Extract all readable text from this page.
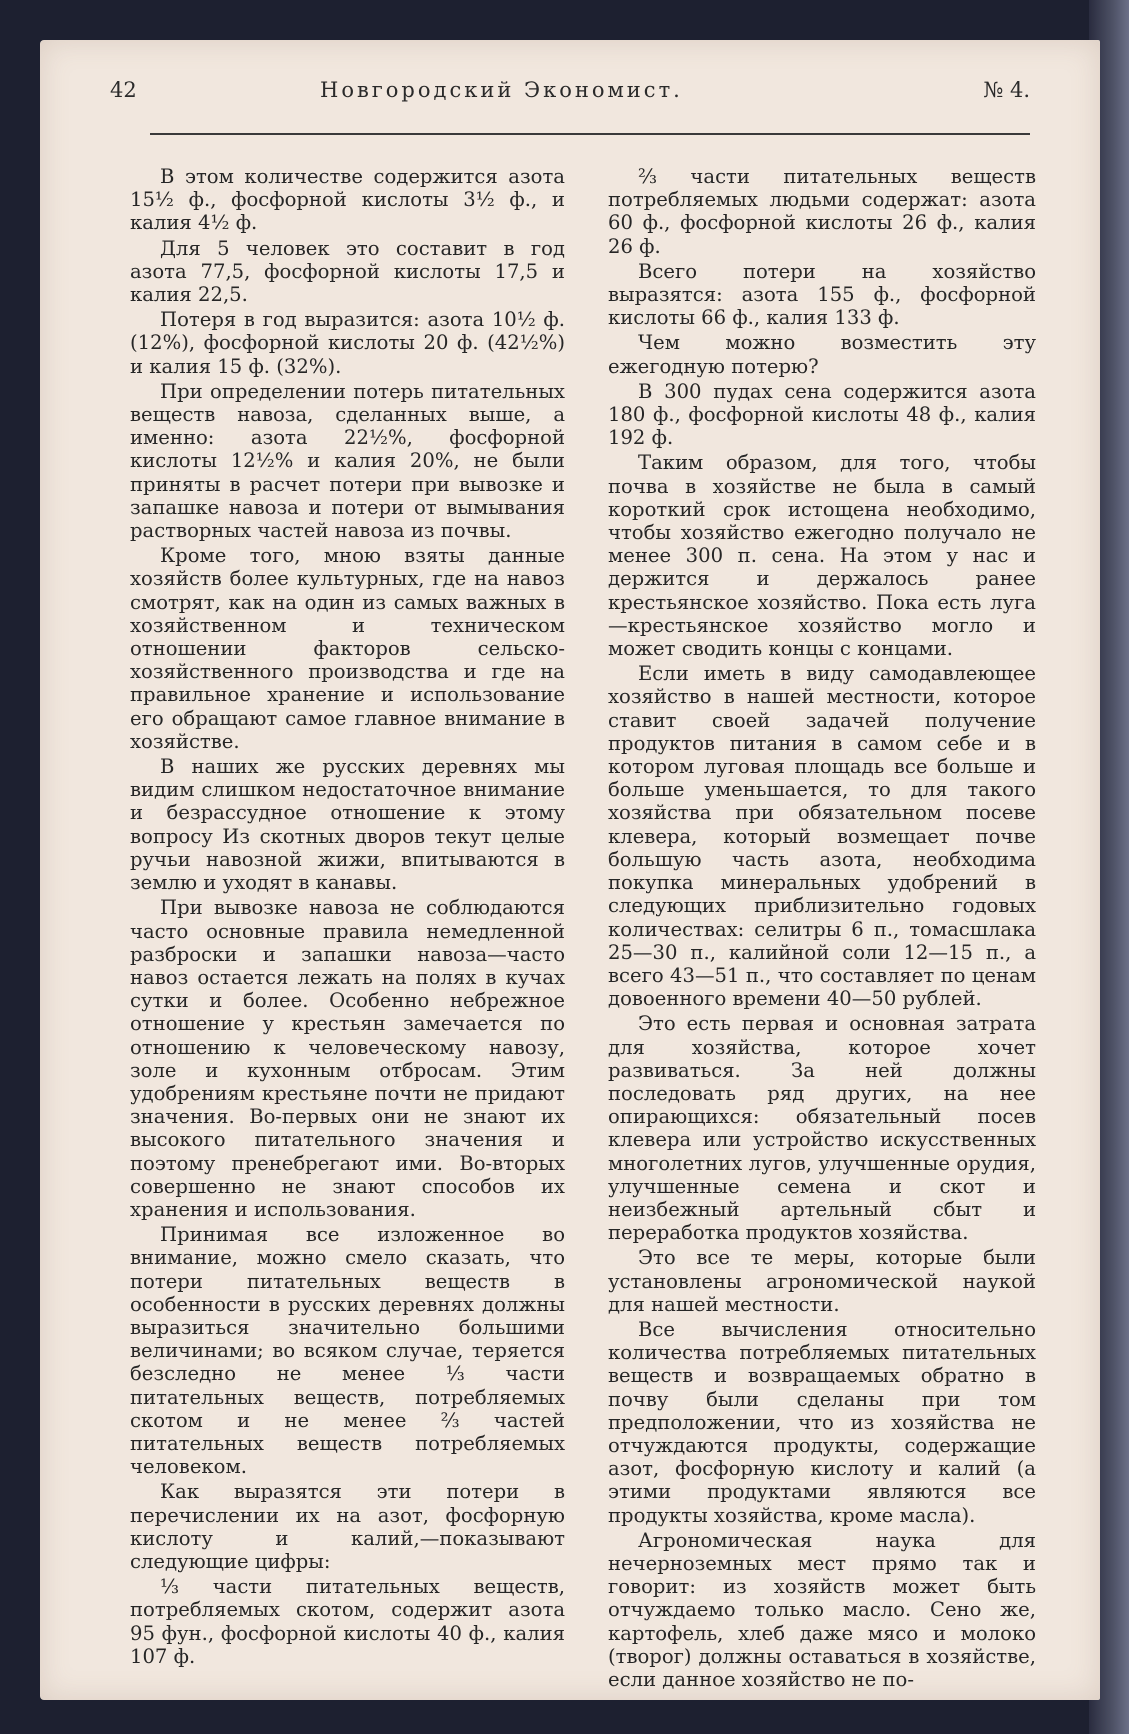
42	Новгородский Экономист.	№ 4.

В этом количестве содержится азота 15½ ф., фосфорной кислоты 3½ ф., и калия 4½ ф.

Для 5 человек это составит в год азота 77,5, фосфорной кислоты 17,5 и калия 22,5.

Потеря в год выразится: азота 10½ ф. (12%), фосфорной кислоты 20 ф. (42½%) и калия 15 ф. (32%).

При определении потерь питательных веществ навоза, сделанных выше, а именно: азота 22½%, фосфорной кислоты 12½% и калия 20%, не были приняты в расчет потери при вывозке и запашке навоза и потери от вымывания растворных частей навоза из почвы.

Кроме того, мною взяты данные хозяйств более культурных, где на навоз смотрят, как на один из самых важных в хозяйственном и техническом отношении факторов сельско-хозяйственного производства и где на правильное хранение и использование его обращают самое главное внимание в хозяйстве.

В наших же русских деревнях мы видим слишком недостаточное внимание и безрассудное отношение к этому вопросу Из скотных дворов текут целые ручьи навозной жижи, впитываются в землю и уходят в канавы.

При вывозке навоза не соблюдаются часто основные правила немедленной разброски и запашки навоза—часто навоз остается лежать на полях в кучах сутки и более. Особенно небрежное отношение у крестьян замечается по отношению к человеческому навозу, золе и кухонным отбросам. Этим удобрениям крестьяне почти не придают значения. Во-первых они не знают их высокого питательного значения и поэтому пренебрегают ими. Во-вторых совершенно не знают способов их хранения и использования.

Принимая все изложенное во внимание, можно смело сказать, что потери питательных веществ в особенности в русских деревнях должны выразиться значительно большими величинами; во всяком случае, теряется безследно не менее ⅓ части питательных веществ, потребляемых скотом и не менее ⅔ частей питательных веществ потребляемых человеком.

Как выразятся эти потери в перечислении их на азот, фосфорную кислоту и калий,—показывают следующие цифры:

⅓ части питательных веществ, потребляемых скотом, содержит азота 95 фун., фосфорной кислоты 40 ф., калия 107 ф.

⅔ части питательных веществ потребляемых людьми содержат: азота 60 ф., фосфорной кислоты 26 ф., калия 26 ф.

Всего потери на хозяйство выразятся: азота 155 ф., фосфорной кислоты 66 ф., калия 133 ф.

Чем можно возместить эту ежегодную потерю?

В 300 пудах сена содержится азота 180 ф., фосфорной кислоты 48 ф., калия 192 ф.

Таким образом, для того, чтобы почва в хозяйстве не была в самый короткий срок истощена необходимо, чтобы хозяйство ежегодно получало не менее 300 п. сена. На этом у нас и держится и держалось ранее крестьянское хозяйство. Пока есть луга—крестьянское хозяйство могло и может сводить концы с концами.

Если иметь в виду самодавлеющее хозяйство в нашей местности, которое ставит своей задачей получение продуктов питания в самом себе и в котором луговая площадь все больше и больше уменьшается, то для такого хозяйства при обязательном посеве клевера, который возмещает почве большую часть азота, необходима покупка минеральных удобрений в следующих приблизительно годовых количествах: селитры 6 п., томасшлака 25—30 п., калийной соли 12—15 п., а всего 43—51 п., что составляет по ценам довоенного времени 40—50 рублей.

Это есть первая и основная затрата для хозяйства, которое хочет развиваться. За ней должны последовать ряд других, на нее опирающихся: обязательный посев клевера или устройство искусственных многолетних лугов, улучшенные орудия, улучшенные семена и скот и неизбежный артельный сбыт и переработка продуктов хозяйства.

Это все те меры, которые были установлены агрономической наукой для нашей местности.

Все вычисления относительно количества потребляемых питательных веществ и возвращаемых обратно в почву были сделаны при том предположении, что из хозяйства не отчуждаются продукты, содержащие азот, фосфорную кислоту и калий (а этими продуктами являются все продукты хозяйства, кроме масла).

Агрономическая наука для нечерноземных мест прямо так и говорит: из хозяйств может быть отчуждаемо только масло. Сено же, картофель, хлеб даже мясо и молоко (творог) должны оставаться в хозяйстве, если данное хозяйство не по-
